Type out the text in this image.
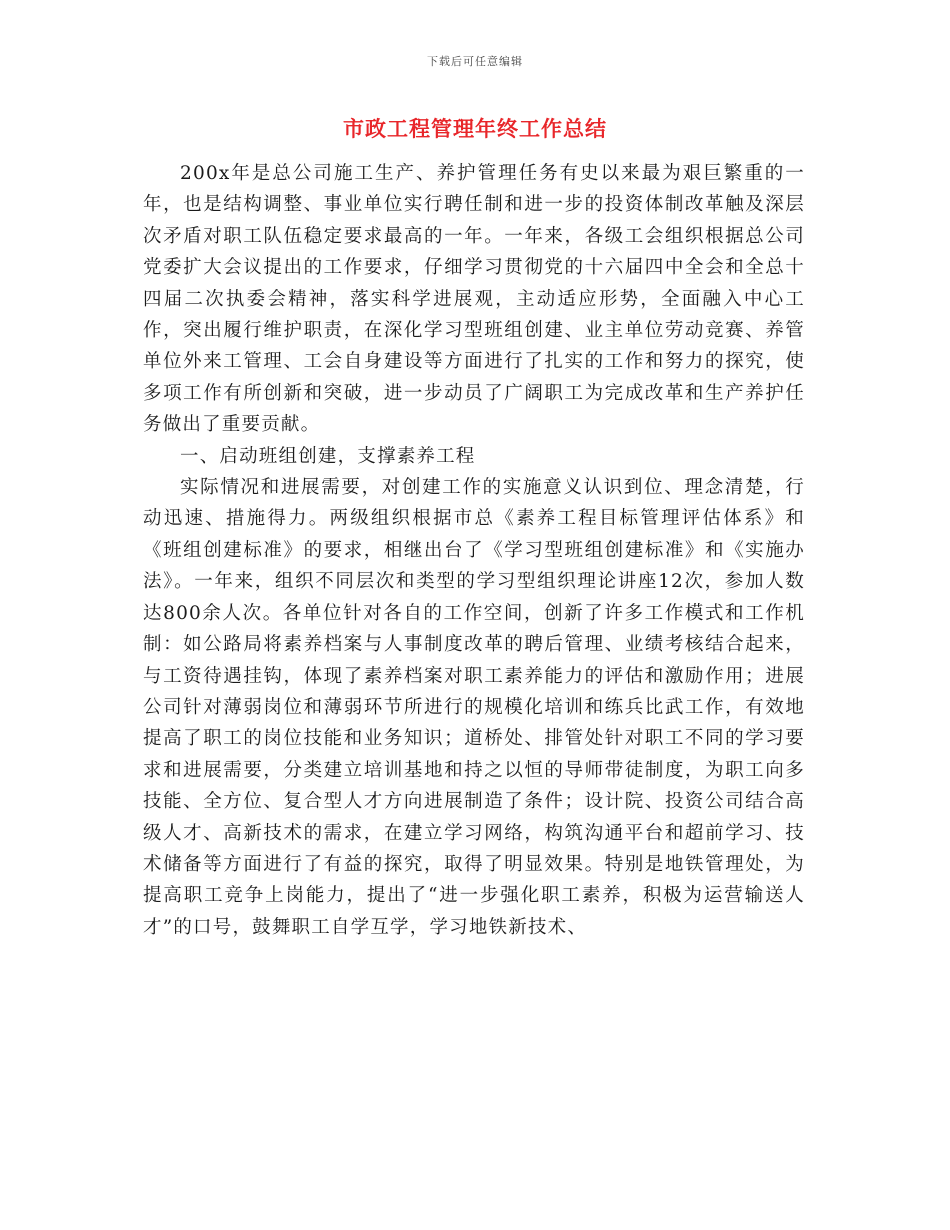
下载后可任意编辑
市政工程管理年终工作总结

200x年是总公司施工生产、养护管理任务有史以来最为艰巨繁重的一年，也是结构调整、事业单位实行聘任制和进一步的投资体制改革触及深层次矛盾对职工队伍稳定要求最高的一年。一年来，各级工会组织根据总公司党委扩大会议提出的工作要求，仔细学习贯彻党的十六届四中全会和全总十四届二次执委会精神，落实科学进展观，主动适应形势，全面融入中心工作，突出履行维护职责，在深化学习型班组创建、业主单位劳动竞赛、养管单位外来工管理、工会自身建设等方面进行了扎实的工作和努力的探究，使多项工作有所创新和突破，进一步动员了广阔职工为完成改革和生产养护任务做出了重要贡献。

一、启动班组创建，支撑素养工程

实际情况和进展需要，对创建工作的实施意义认识到位、理念清楚，行动迅速、措施得力。两级组织根据市总《素养工程目标管理评估体系》和《班组创建标准》的要求，相继出台了《学习型班组创建标准》和《实施办法》。一年来，组织不同层次和类型的学习型组织理论讲座12次，参加人数达800余人次。各单位针对各自的工作空间，创新了许多工作模式和工作机制：如公路局将素养档案与人事制度改革的聘后管理、业绩考核结合起来，与工资待遇挂钩，体现了素养档案对职工素养能力的评估和激励作用；进展公司针对薄弱岗位和薄弱环节所进行的规模化培训和练兵比武工作，有效地提高了职工的岗位技能和业务知识；道桥处、排管处针对职工不同的学习要求和进展需要，分类建立培训基地和持之以恒的导师带徒制度，为职工向多技能、全方位、复合型人才方向进展制造了条件；设计院、投资公司结合高级人才、高新技术的需求，在建立学习网络，构筑沟通平台和超前学习、技术储备等方面进行了有益的探究，取得了明显效果。特别是地铁管理处，为提高职工竞争上岗能力，提出了“进一步强化职工素养，积极为运营输送人才”的口号，鼓舞职工自学互学，学习地铁新技术、
